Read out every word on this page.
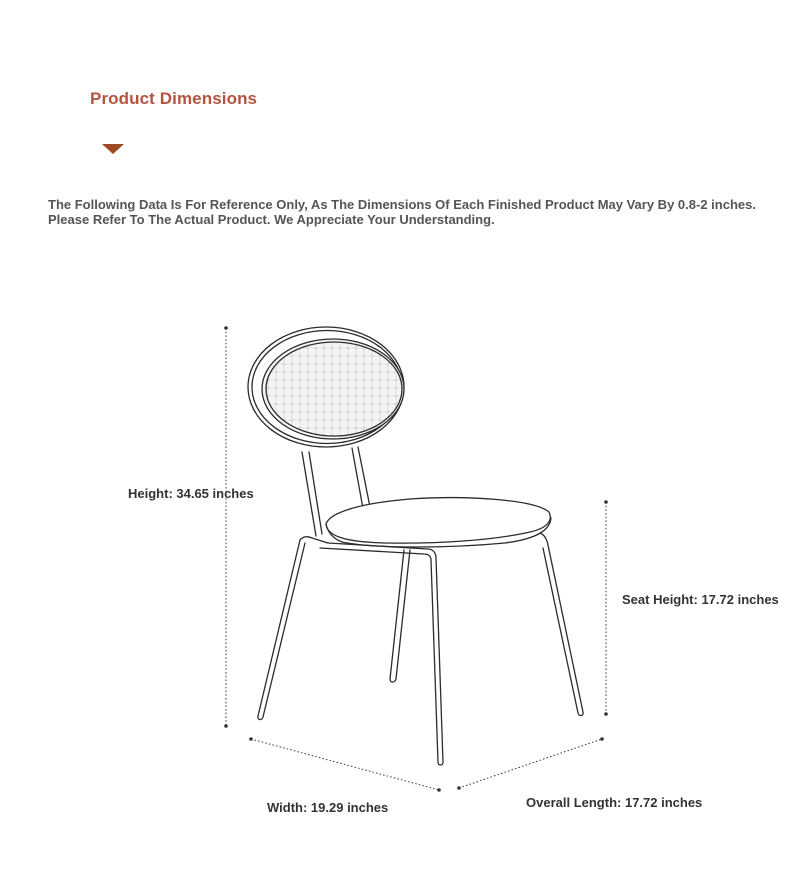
Product Dimensions
The Following Data Is For Reference Only, As The Dimensions Of Each Finished Product May Vary By 0.8-2 inches.
Please Refer To The Actual Product. We Appreciate Your Understanding.
Height: 34.65 inches
Seat Height: 17.72 inches
Width: 19.29 inches	Overall Length: 17.72 inches
